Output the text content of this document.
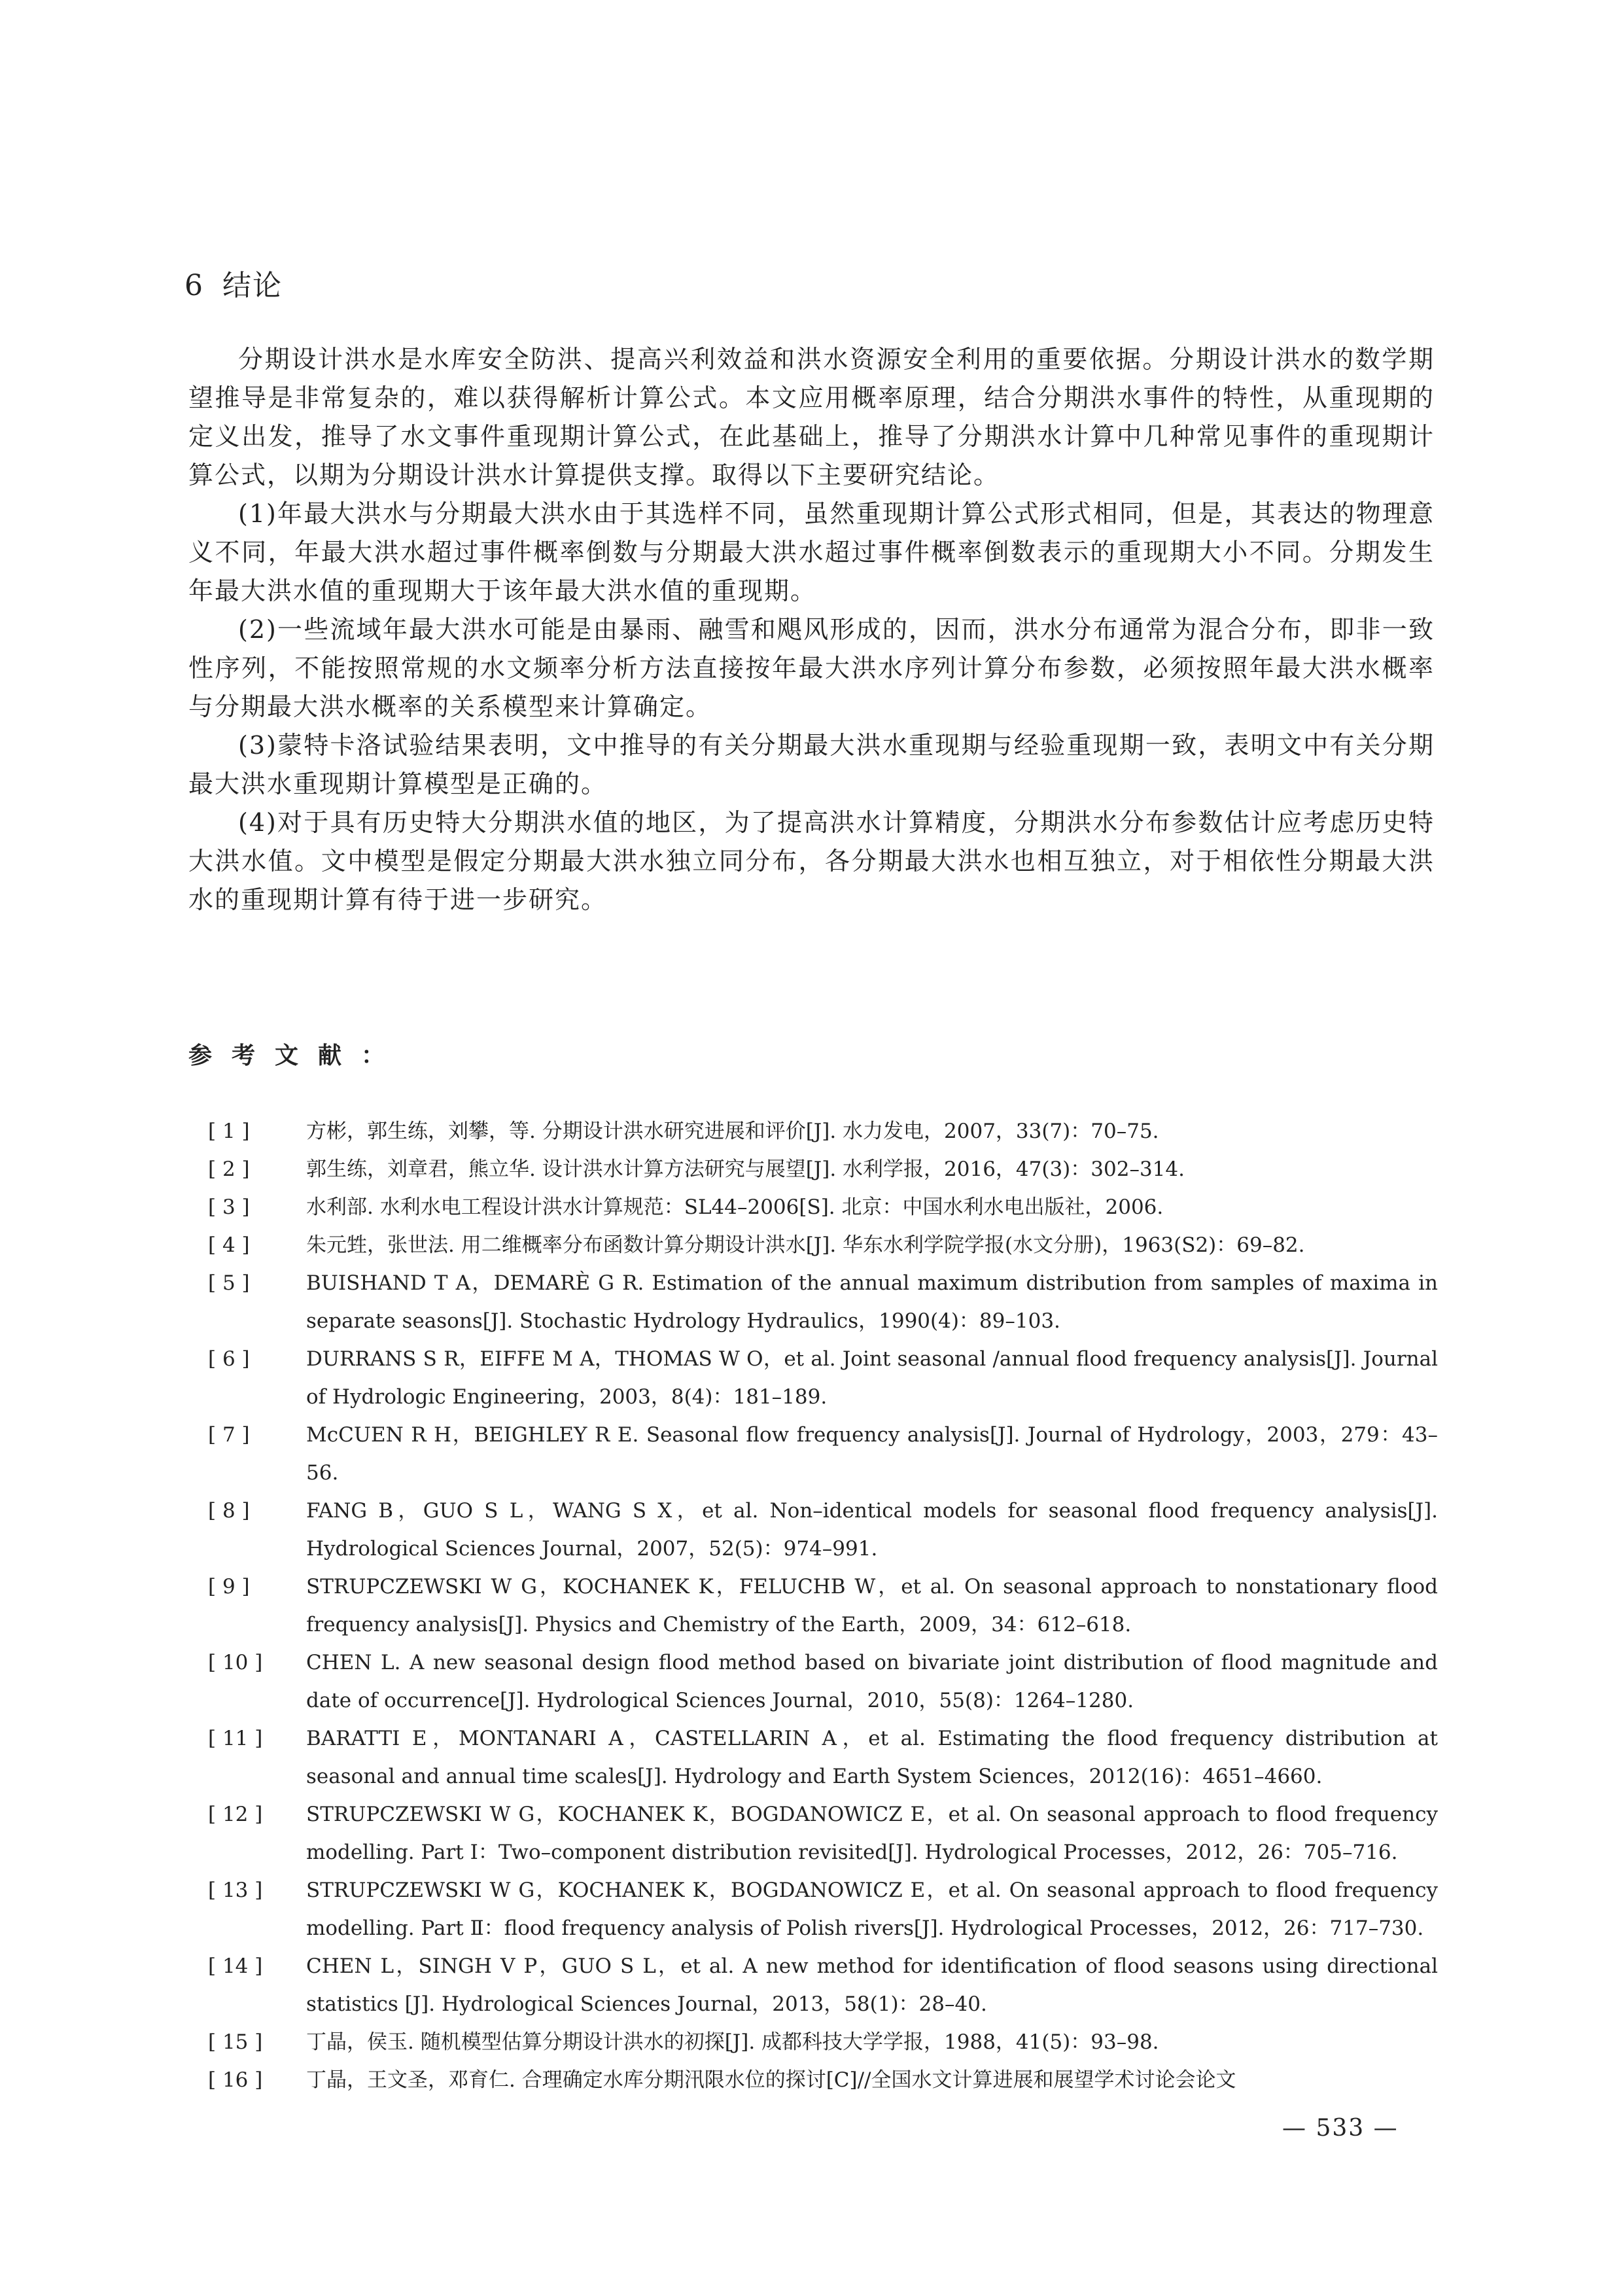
6 结论

分期设计洪水是水库安全防洪、提高兴利效益和洪水资源安全利用的重要依据。分期设计洪水的数学期望推导是非常复杂的，难以获得解析计算公式。本文应用概率原理，结合分期洪水事件的特性，从重现期的定义出发，推导了水文事件重现期计算公式，在此基础上，推导了分期洪水计算中几种常见事件的重现期计算公式，以期为分期设计洪水计算提供支撑。取得以下主要研究结论。

(1)年最大洪水与分期最大洪水由于其选样不同，虽然重现期计算公式形式相同，但是，其表达的物理意义不同，年最大洪水超过事件概率倒数与分期最大洪水超过事件概率倒数表示的重现期大小不同。分期发生年最大洪水值的重现期大于该年最大洪水值的重现期。

(2)一些流域年最大洪水可能是由暴雨、融雪和飓风形成的，因而，洪水分布通常为混合分布，即非一致性序列，不能按照常规的水文频率分析方法直接按年最大洪水序列计算分布参数，必须按照年最大洪水概率与分期最大洪水概率的关系模型来计算确定。

(3)蒙特卡洛试验结果表明，文中推导的有关分期最大洪水重现期与经验重现期一致，表明文中有关分期最大洪水重现期计算模型是正确的。

(4)对于具有历史特大分期洪水值的地区，为了提高洪水计算精度，分期洪水分布参数估计应考虑历史特大洪水值。文中模型是假定分期最大洪水独立同分布，各分期最大洪水也相互独立，对于相依性分期最大洪水的重现期计算有待于进一步研究。

参考文献：
[ 1 ]	方彬，郭生练，刘攀，等. 分期设计洪水研究进展和评价[J]. 水力发电，2007，33(7)：70–75.
[ 2 ]	郭生练，刘章君，熊立华. 设计洪水计算方法研究与展望[J]. 水利学报，2016，47(3)：302–314.
[ 3 ]	水利部. 水利水电工程设计洪水计算规范：SL44–2006[S]. 北京：中国水利水电出版社，2006.
[ 4 ]	朱元甡，张世法. 用二维概率分布函数计算分期设计洪水[J]. 华东水利学院学报(水文分册)，1963(S2)：69–82.
[ 5 ]	BUISHAND T A，DEMARÈ G R. Estimation of the annual maximum distribution from samples of maxima in separate seasons[J]. Stochastic Hydrology Hydraulics，1990(4)：89–103.
[ 6 ]	DURRANS S R，EIFFE M A，THOMAS W O，et al. Joint seasonal /annual flood frequency analysis[J]. Journal of Hydrologic Engineering，2003，8(4)：181–189.
[ 7 ]	McCUEN R H，BEIGHLEY R E. Seasonal flow frequency analysis[J]. Journal of Hydrology，2003，279：43– 56.
[ 8 ]	FANG B，GUO S L，WANG S X，et al. Non–identical models for seasonal flood frequency analysis[J]. Hydrological Sciences Journal，2007，52(5)：974–991.
[ 9 ]	STRUPCZEWSKI W G，KOCHANEK K，FELUCHB W，et al. On seasonal approach to nonstationary flood frequency analysis[J]. Physics and Chemistry of the Earth，2009，34：612–618.
[ 10 ]	CHEN L. A new seasonal design flood method based on bivariate joint distribution of flood magnitude and date of occurrence[J]. Hydrological Sciences Journal，2010，55(8)：1264–1280.
[ 11 ]	BARATTI E，MONTANARI A，CASTELLARIN A，et al. Estimating the flood frequency distribution at seasonal and annual time scales[J]. Hydrology and Earth System Sciences，2012(16)：4651–4660.
[ 12 ]	STRUPCZEWSKI W G，KOCHANEK K，BOGDANOWICZ E，et al. On seasonal approach to flood frequency modelling. Part Ⅰ：Two–component distribution revisited[J]. Hydrological Processes，2012，26：705–716.
[ 13 ]	STRUPCZEWSKI W G，KOCHANEK K，BOGDANOWICZ E，et al. On seasonal approach to flood frequency modelling. Part Ⅱ：flood frequency analysis of Polish rivers[J]. Hydrological Processes，2012，26：717–730.
[ 14 ]	CHEN L，SINGH V P，GUO S L，et al. A new method for identification of flood seasons using directional statistics [J]. Hydrological Sciences Journal，2013，58(1)：28–40.
[ 15 ]	丁晶，侯玉. 随机模型估算分期设计洪水的初探[J]. 成都科技大学学报，1988，41(5)：93–98.
[ 16 ]	丁晶，王文圣，邓育仁. 合理确定水库分期汛限水位的探讨[C]//全国水文计算进展和展望学术讨论会论文
— 533 —
